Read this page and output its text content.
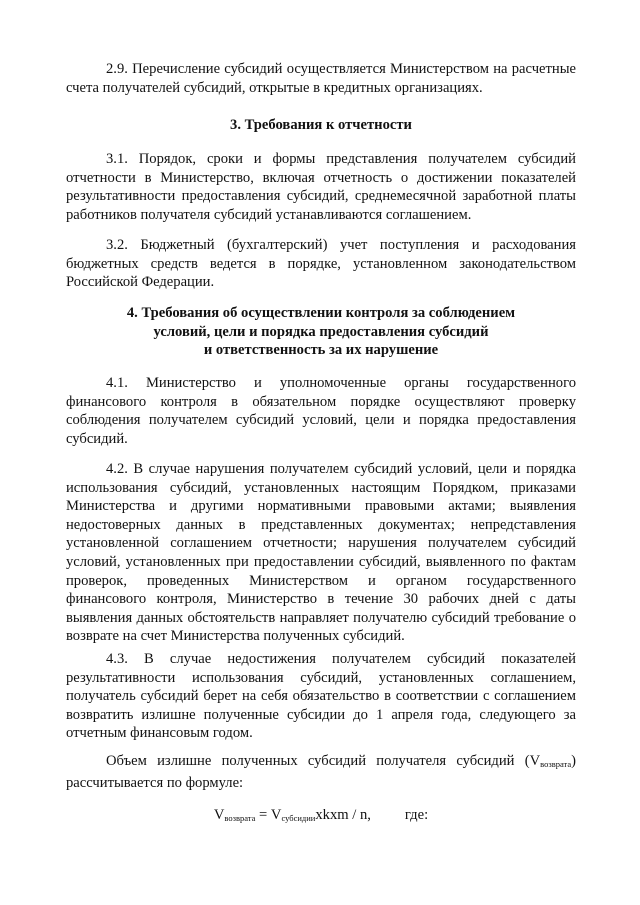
2.9. Перечисление субсидий осуществляется Министерством на расчетные счета получателей субсидий, открытые в кредитных организациях.

3. Требования к отчетности

3.1. Порядок, сроки и формы представления получателем субсидий отчетности в Министерство, включая отчетность о достижении показателей результативности предоставления субсидий, среднемесячной заработной платы работников получателя субсидий устанавливаются соглашением.

3.2. Бюджетный (бухгалтерский) учет поступления и расходования бюджетных средств ведется в порядке, установленном законодательством Российской Федерации.

4. Требования об осуществлении контроля за соблюдением
условий, цели и порядка предоставления субсидий
и ответственность за их нарушение

4.1. Министерство и уполномоченные органы государственного финансового контроля в обязательном порядке осуществляют проверку соблюдения получателем субсидий условий, цели и порядка предоставления субсидий.

4.2. В случае нарушения получателем субсидий условий, цели и порядка использования субсидий, установленных настоящим Порядком, приказами Министерства и другими нормативными правовыми актами; выявления недостоверных данных в представленных документах; непредставления установленной соглашением отчетности; нарушения получателем субсидий условий, установленных при предоставлении субсидий, выявленного по фактам проверок, проведенных Министерством и органом государственного финансового контроля, Министерство в течение 30 рабочих дней с даты выявления данных обстоятельств направляет получателю субсидий требование о возврате на счет Министерства полученных субсидий.

4.3. В случае недостижения получателем субсидий показателей результативности использования субсидий, установленных соглашением, получатель субсидий берет на себя обязательство в соответствии с соглашением возвратить излишне полученные субсидии до 1 апреля года, следующего за отчетным финансовым годом.

Объем излишне полученных субсидий получателя субсидий (Vвозврата) рассчитывается по формуле:

Vвозврата = Vсубсидиихkхm / n, где:
